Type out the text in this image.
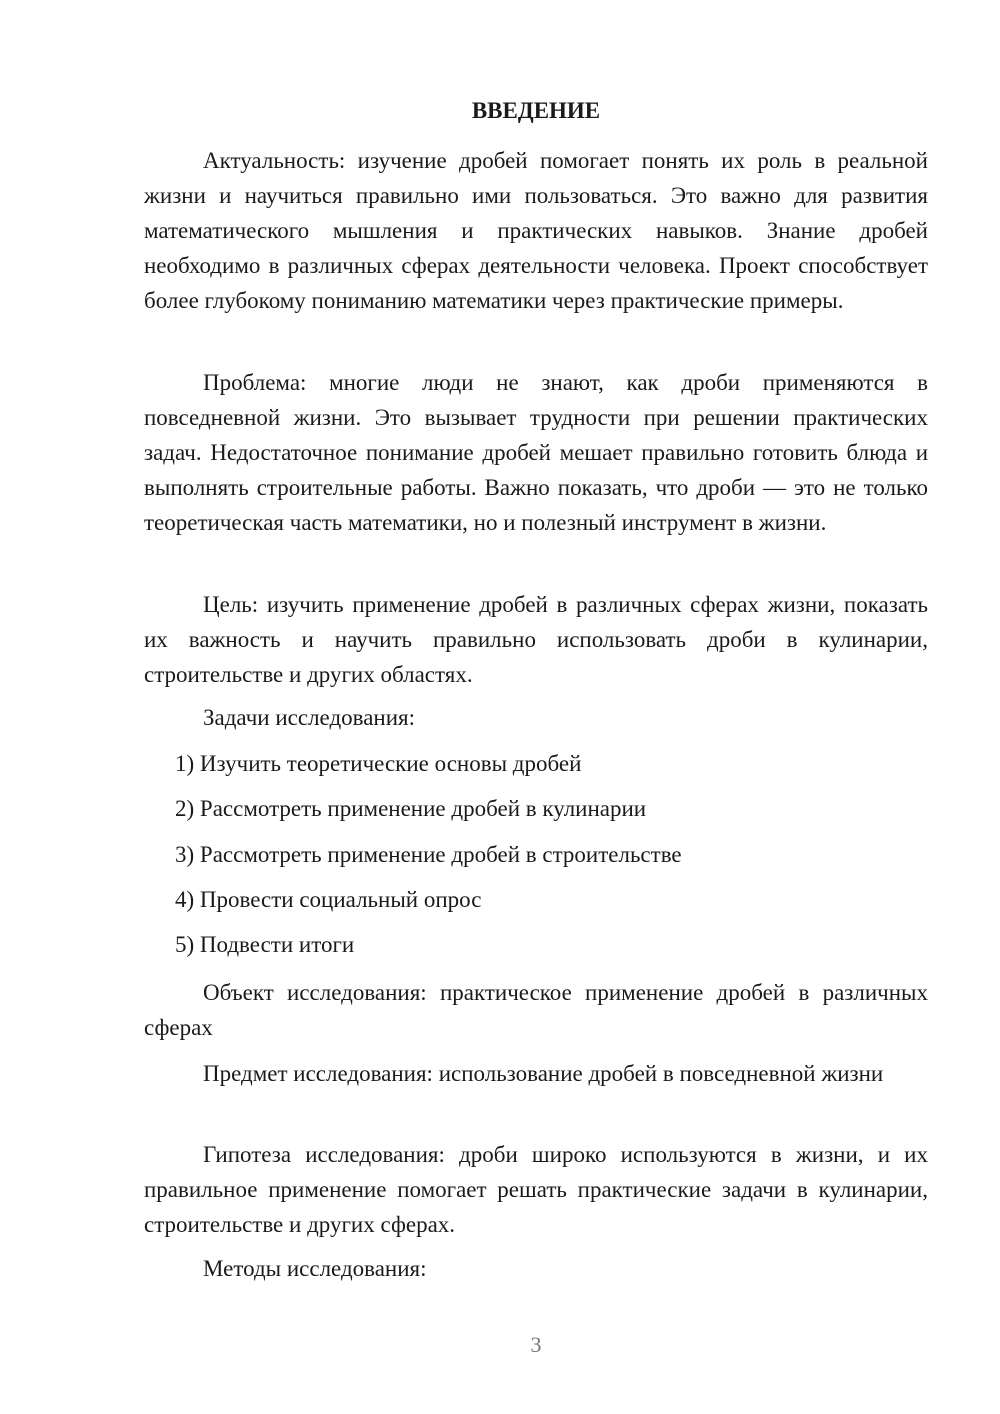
ВВЕДЕНИЕ

Актуальность: изучение дробей помогает понять их роль в реальной жизни и научиться правильно ими пользоваться. Это важно для развития математического мышления и практических навыков. Знание дробей необходимо в различных сферах деятельности человека. Проект способствует более глубокому пониманию математики через практические примеры.

Проблема: многие люди не знают, как дроби применяются в повседневной жизни. Это вызывает трудности при решении практических задач. Недостаточное понимание дробей мешает правильно готовить блюда и выполнять строительные работы. Важно показать, что дроби — это не только теоретическая часть математики, но и полезный инструмент в жизни.

Цель: изучить применение дробей в различных сферах жизни, показать их важность и научить правильно использовать дроби в кулинарии, строительстве и других областях.

Задачи исследования:
1) Изучить теоретические основы дробей
2) Рассмотреть применение дробей в кулинарии
3) Рассмотреть применение дробей в строительстве
4) Провести социальный опрос
5) Подвести итоги

Объект исследования: практическое применение дробей в различных сферах

Предмет исследования: использование дробей в повседневной жизни

Гипотеза исследования: дроби широко используются в жизни, и их правильное применение помогает решать практические задачи в кулинарии, строительстве и других сферах.

Методы исследования:
3
